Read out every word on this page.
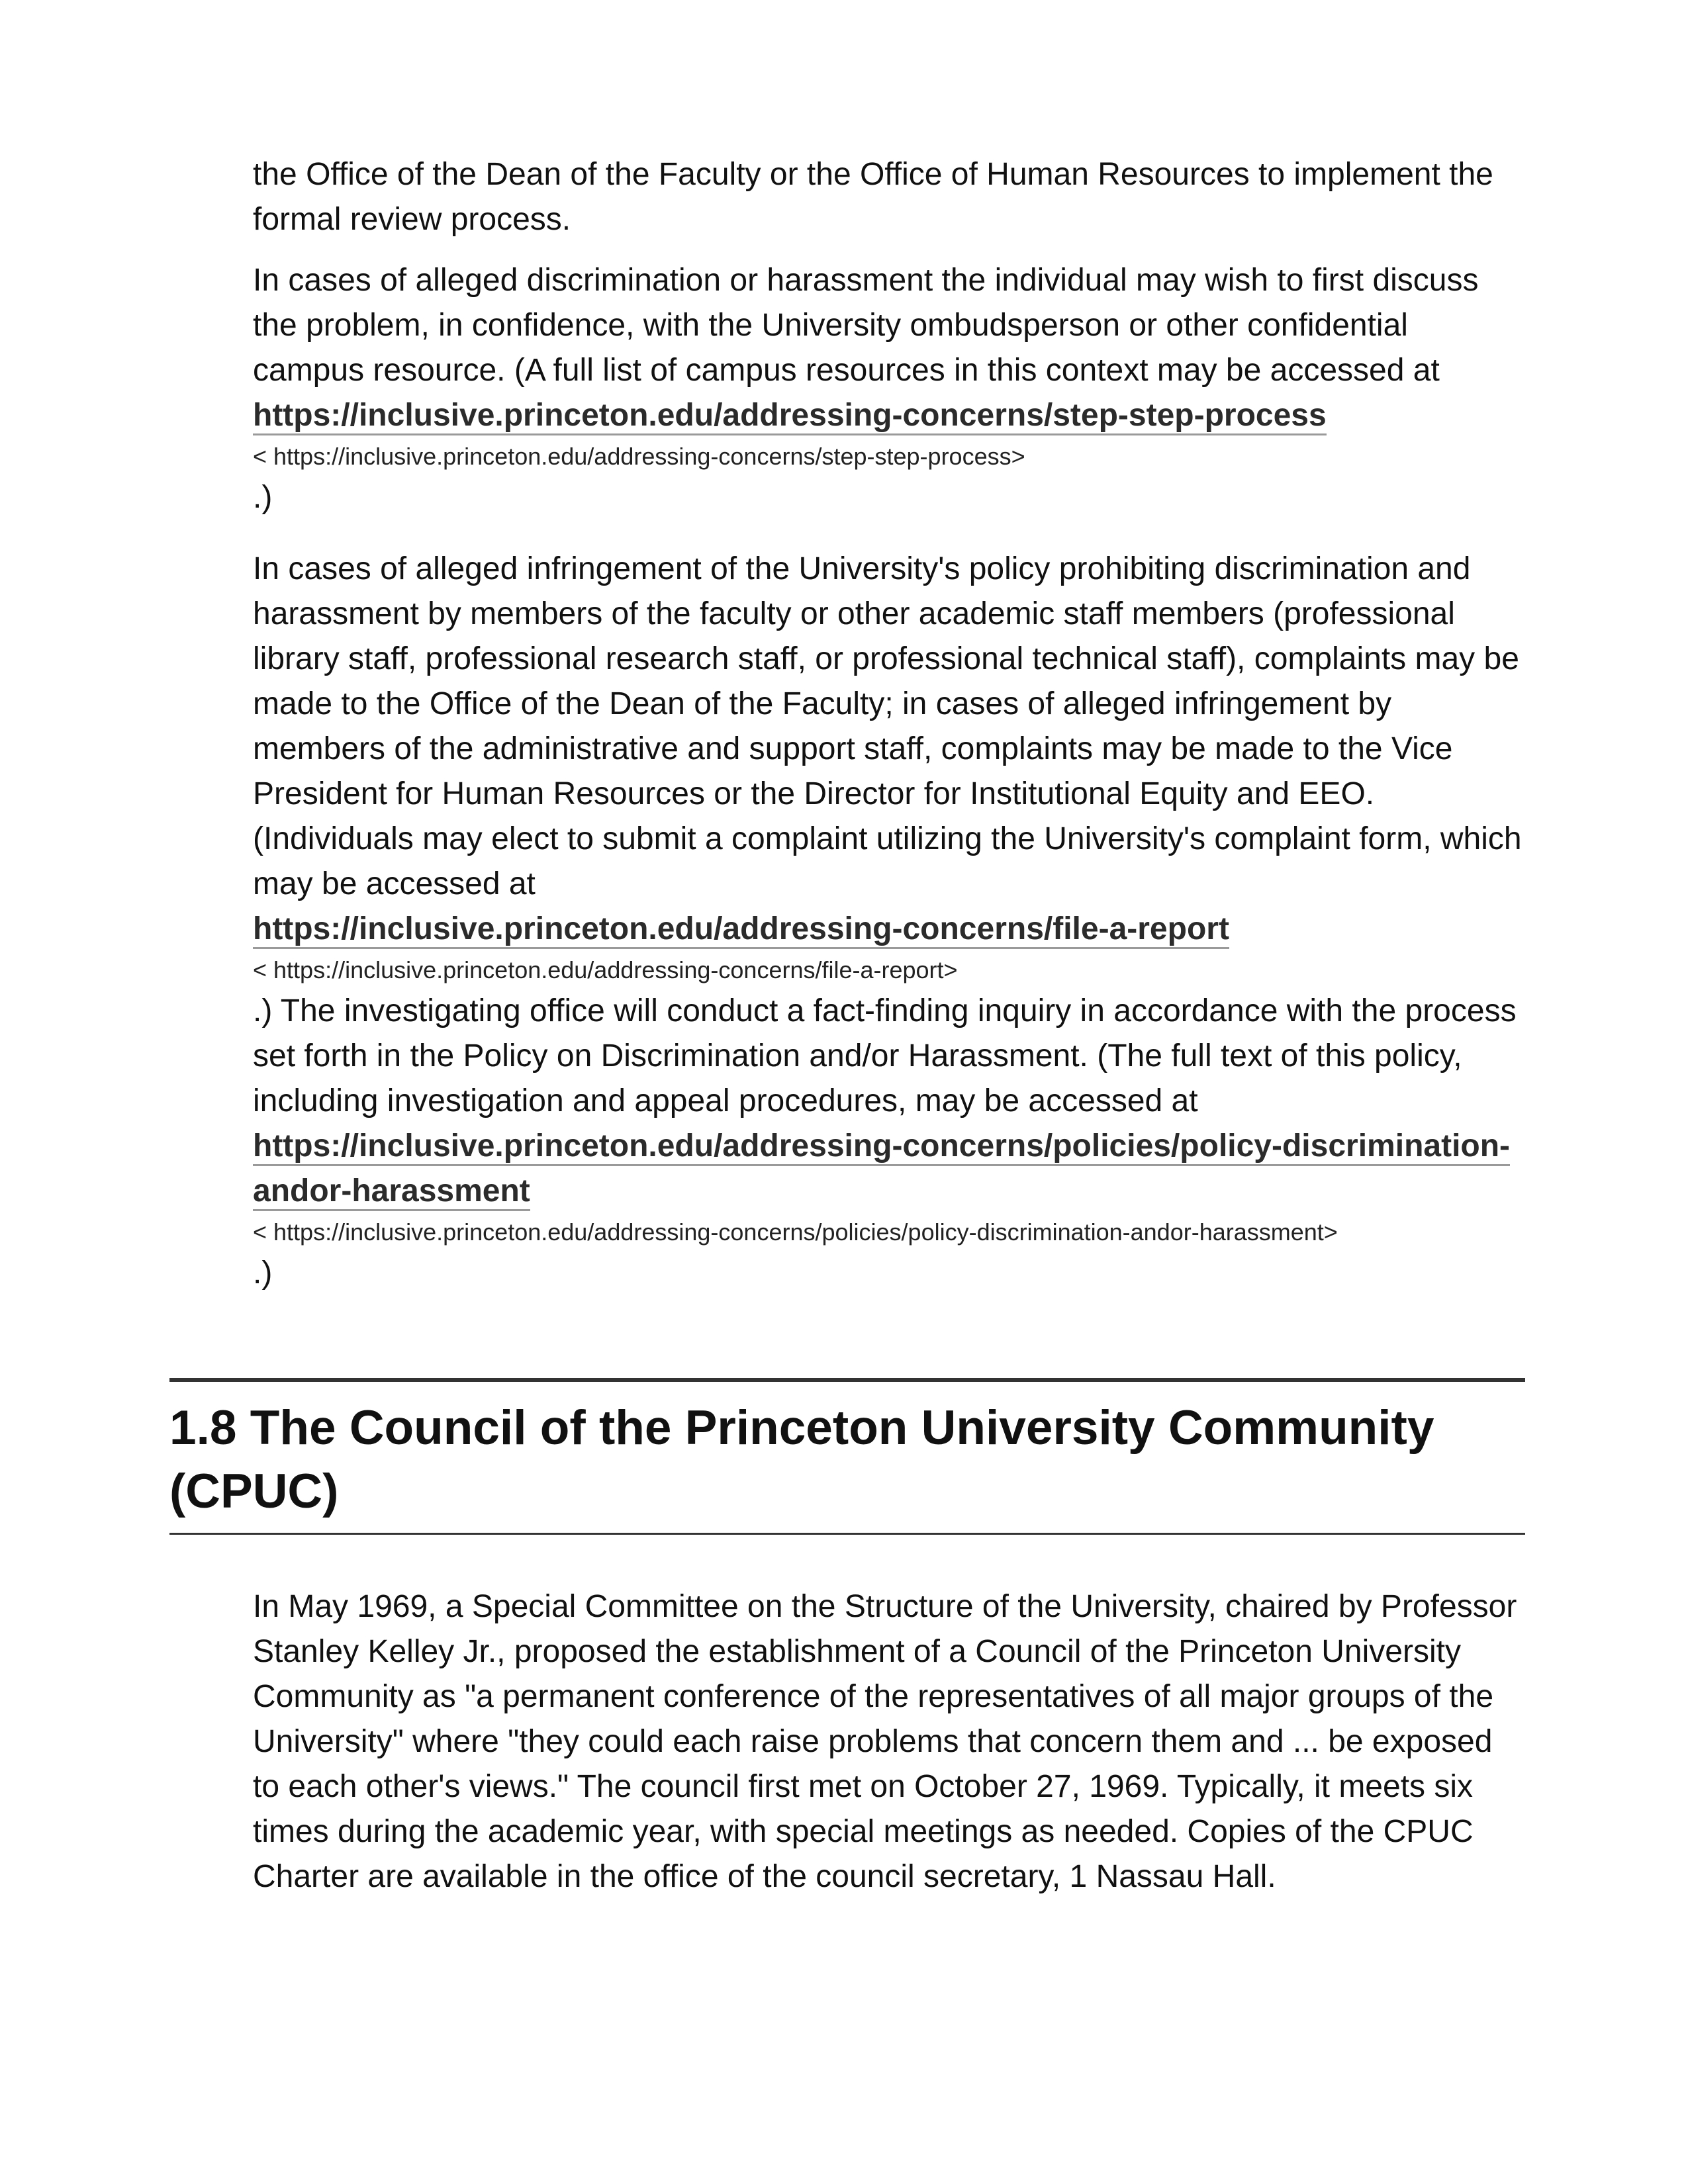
the Office of the Dean of the Faculty or the Office of Human Resources to implement the formal review process.

In cases of alleged discrimination or harassment the individual may wish to first discuss the problem, in confidence, with the University ombudsperson or other confidential campus resource. (A full list of campus resources in this context may be accessed at https://inclusive.princeton.edu/addressing-concerns/step-step-process

< https://inclusive.princeton.edu/addressing-concerns/step-step-process>

.)

In cases of alleged infringement of the University's policy prohibiting discrimination and harassment by members of the faculty or other academic staff members (professional library staff, professional research staff, or professional technical staff), complaints may be made to the Office of the Dean of the Faculty; in cases of alleged infringement by members of the administrative and support staff, complaints may be made to the Vice President for Human Resources or the Director for Institutional Equity and EEO. (Individuals may elect to submit a complaint utilizing the University's complaint form, which may be accessed at

https://inclusive.princeton.edu/addressing-concerns/file-a-report

< https://inclusive.princeton.edu/addressing-concerns/file-a-report>

.) The investigating office will conduct a fact-finding inquiry in accordance with the process set forth in the Policy on Discrimination and/or Harassment. (The full text of this policy, including investigation and appeal procedures, may be accessed at

https://inclusive.princeton.edu/addressing-concerns/policies/policy-discrimination-andor-harassment

< https://inclusive.princeton.edu/addressing-concerns/policies/policy-discrimination-andor-harassment>

.)

1.8 The Council of the Princeton University Community (CPUC)

In May 1969, a Special Committee on the Structure of the University, chaired by Professor Stanley Kelley Jr., proposed the establishment of a Council of the Princeton University Community as "a permanent conference of the representatives of all major groups of the University" where "they could each raise problems that concern them and ... be exposed to each other's views." The council first met on October 27, 1969. Typically, it meets six times during the academic year, with special meetings as needed. Copies of the CPUC Charter are available in the office of the council secretary, 1 Nassau Hall.
